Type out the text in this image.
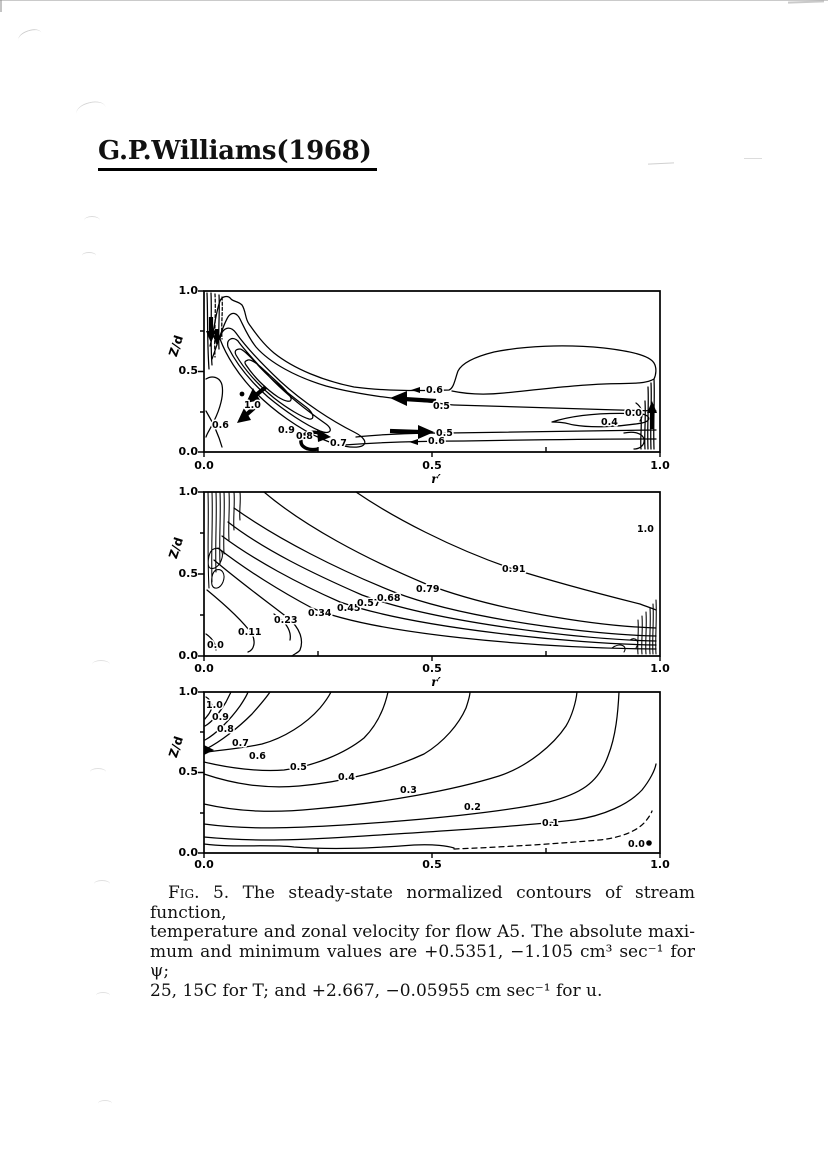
G.P.Williams(1968)
0.6
1.0
0.9
0.8
0.7
0.6
0.5
0.5
0.6
0.4
0.0
1.0
0.5
0.0
Z/d
0.0	0.5	1.0
r′
0.0
0.11
0.23
0.34 0.45
0.57
0.68
0.79
0.91
1.0
1.0
0.5
0.0
Z/d
0.0	0.5	1.0
r′
1.0
0.9
0.8
0.7
0.6
0.5
0.4
0.3
0.2
0.1
0.0
1.0
0.5
0.0
Z/d
0.0	0.5	1.0
Fig. 5. The steady-state normalized contours of stream function,
temperature and zonal velocity for flow A5. The absolute maxi-
mum and minimum values are +0.5351, −1.105 cm³ sec⁻¹ for ψ;
25, 15C for T; and +2.667, −0.05955 cm sec⁻¹ for u.
